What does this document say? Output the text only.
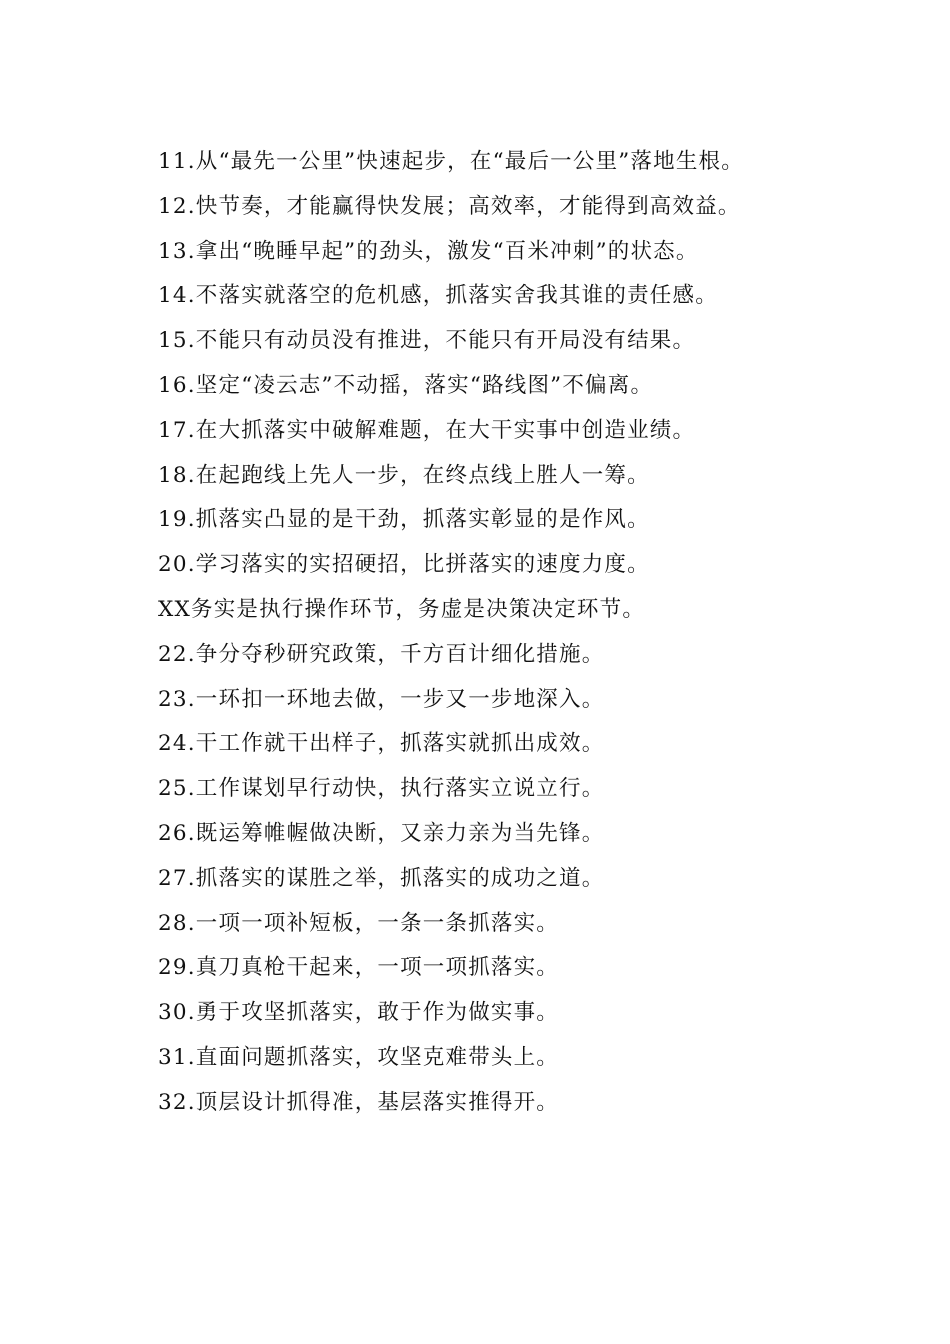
11.从“最先一公里”快速起步，在“最后一公里”落地生根。

12.快节奏，才能赢得快发展；高效率，才能得到高效益。

13.拿出“晚睡早起”的劲头，激发“百米冲刺”的状态。

14.不落实就落空的危机感，抓落实舍我其谁的责任感。

15.不能只有动员没有推进，不能只有开局没有结果。

16.坚定“凌云志”不动摇，落实“路线图”不偏离。

17.在大抓落实中破解难题，在大干实事中创造业绩。

18.在起跑线上先人一步，在终点线上胜人一筹。

19.抓落实凸显的是干劲，抓落实彰显的是作风。

20.学习落实的实招硬招，比拼落实的速度力度。

XX务实是执行操作环节，务虚是决策决定环节。

22.争分夺秒研究政策，千方百计细化措施。

23.一环扣一环地去做，一步又一步地深入。

24.干工作就干出样子，抓落实就抓出成效。

25.工作谋划早行动快，执行落实立说立行。

26.既运筹帷幄做决断，又亲力亲为当先锋。

27.抓落实的谋胜之举，抓落实的成功之道。

28.一项一项补短板，一条一条抓落实。

29.真刀真枪干起来，一项一项抓落实。

30.勇于攻坚抓落实，敢于作为做实事。

31.直面问题抓落实，攻坚克难带头上。

32.顶层设计抓得准，基层落实推得开。
